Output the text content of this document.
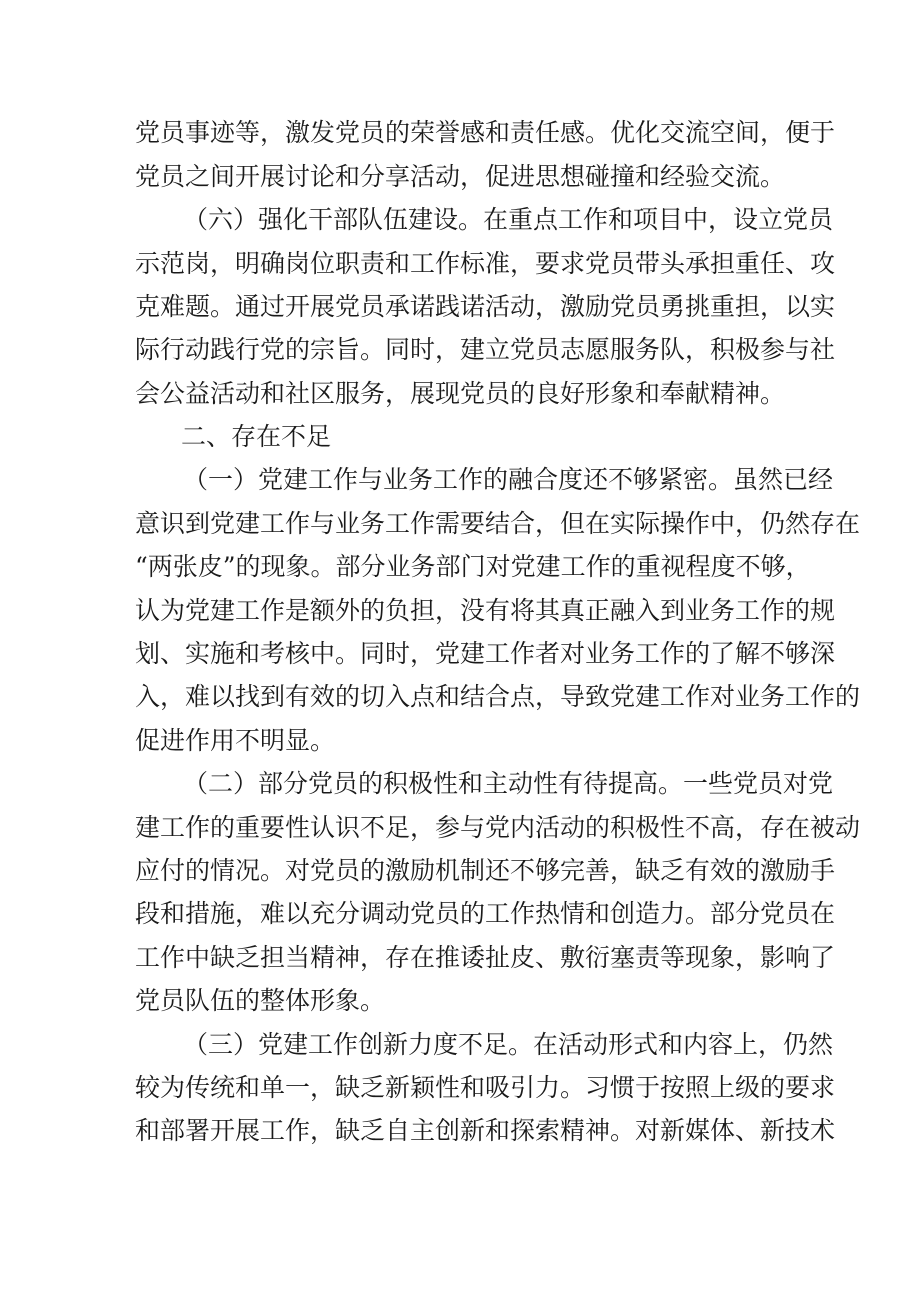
党员事迹等，激发党员的荣誉感和责任感。优化交流空间，便于
党员之间开展讨论和分享活动，促进思想碰撞和经验交流。
（六）强化干部队伍建设。在重点工作和项目中，设立党员
示范岗，明确岗位职责和工作标准，要求党员带头承担重任、攻
克难题。通过开展党员承诺践诺活动，激励党员勇挑重担，以实
际行动践行党的宗旨。同时，建立党员志愿服务队，积极参与社
会公益活动和社区服务，展现党员的良好形象和奉献精神。
二、存在不足
（一）党建工作与业务工作的融合度还不够紧密。虽然已经
意识到党建工作与业务工作需要结合，但在实际操作中，仍然存在
“两张皮”的现象。部分业务部门对党建工作的重视程度不够，
认为党建工作是额外的负担，没有将其真正融入到业务工作的规
划、实施和考核中。同时，党建工作者对业务工作的了解不够深
入，难以找到有效的切入点和结合点，导致党建工作对业务工作的
促进作用不明显。
（二）部分党员的积极性和主动性有待提高。一些党员对党
建工作的重要性认识不足，参与党内活动的积极性不高，存在被动
应付的情况。对党员的激励机制还不够完善，缺乏有效的激励手
段和措施，难以充分调动党员的工作热情和创造力。部分党员在
工作中缺乏担当精神，存在推诿扯皮、敷衍塞责等现象，影响了
党员队伍的整体形象。
（三）党建工作创新力度不足。在活动形式和内容上，仍然
较为传统和单一，缺乏新颖性和吸引力。习惯于按照上级的要求
和部署开展工作，缺乏自主创新和探索精神。对新媒体、新技术
